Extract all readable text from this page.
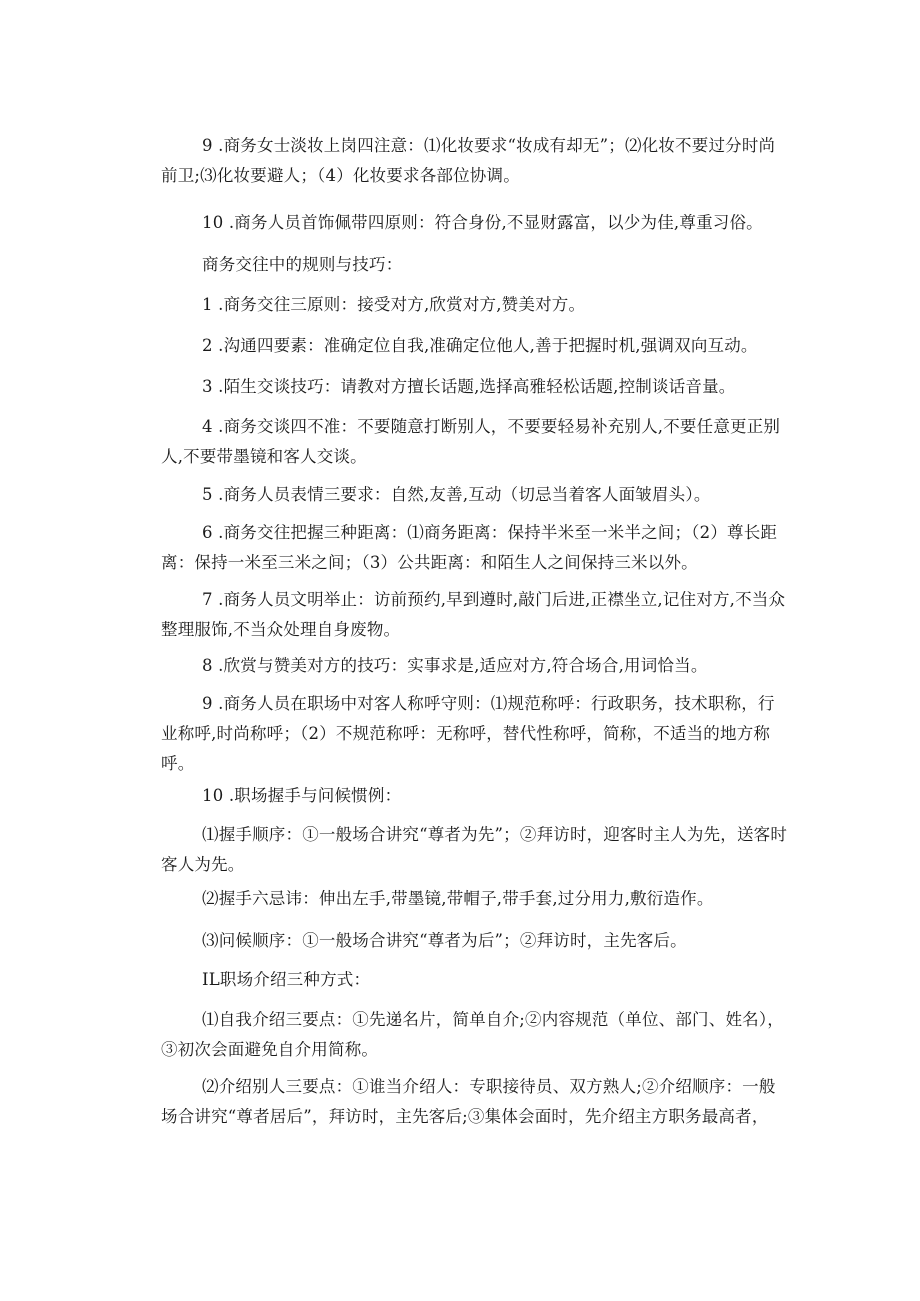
9 .商务女士淡妆上岗四注意：⑴化妆要求“妆成有却无”；⑵化妆不要过分时尚前卫;⑶化妆要避人；（4）化妆要求各部位协调。

10 .商务人员首饰佩带四原则：符合身份,不显财露富，以少为佳,尊重习俗。

商务交往中的规则与技巧：

1 .商务交往三原则：接受对方,欣赏对方,赞美对方。

2 .沟通四要素：准确定位自我,准确定位他人,善于把握时机,强调双向互动。

3 .陌生交谈技巧：请教对方擅长话题,选择高雅轻松话题,控制谈话音量。

4 .商务交谈四不准：不要随意打断别人，不要要轻易补充别人,不要任意更正别人,不要带墨镜和客人交谈。

5 .商务人员表情三要求：自然,友善,互动（切忌当着客人面皱眉头）。

6 .商务交往把握三种距离：⑴商务距离：保持半米至一米半之间；（2）尊长距离：保持一米至三米之间；（3）公共距离：和陌生人之间保持三米以外。

7 .商务人员文明举止：访前预约,早到遵时,敲门后进,正襟坐立,记住对方,不当众整理服饰,不当众处理自身废物。

8 .欣赏与赞美对方的技巧：实事求是,适应对方,符合场合,用词恰当。

9 .商务人员在职场中对客人称呼守则：⑴规范称呼：行政职务，技术职称，行业称呼,时尚称呼；（2）不规范称呼：无称呼，替代性称呼，简称，不适当的地方称呼。

10 .职场握手与问候惯例：

⑴握手顺序：①一般场合讲究“尊者为先”；②拜访时，迎客时主人为先，送客时客人为先。

⑵握手六忌讳：伸出左手,带墨镜,带帽子,带手套,过分用力,敷衍造作。

⑶问候顺序：①一般场合讲究“尊者为后”；②拜访时，主先客后。

IL职场介绍三种方式：

⑴自我介绍三要点：①先递名片，简单自介;②内容规范（单位、部门、姓名），③初次会面避免自介用简称。

⑵介绍别人三要点：①谁当介绍人：专职接待员、双方熟人;②介绍顺序：一般场合讲究“尊者居后”，拜访时，主先客后;③集体会面时，先介绍主方职务最高者，
